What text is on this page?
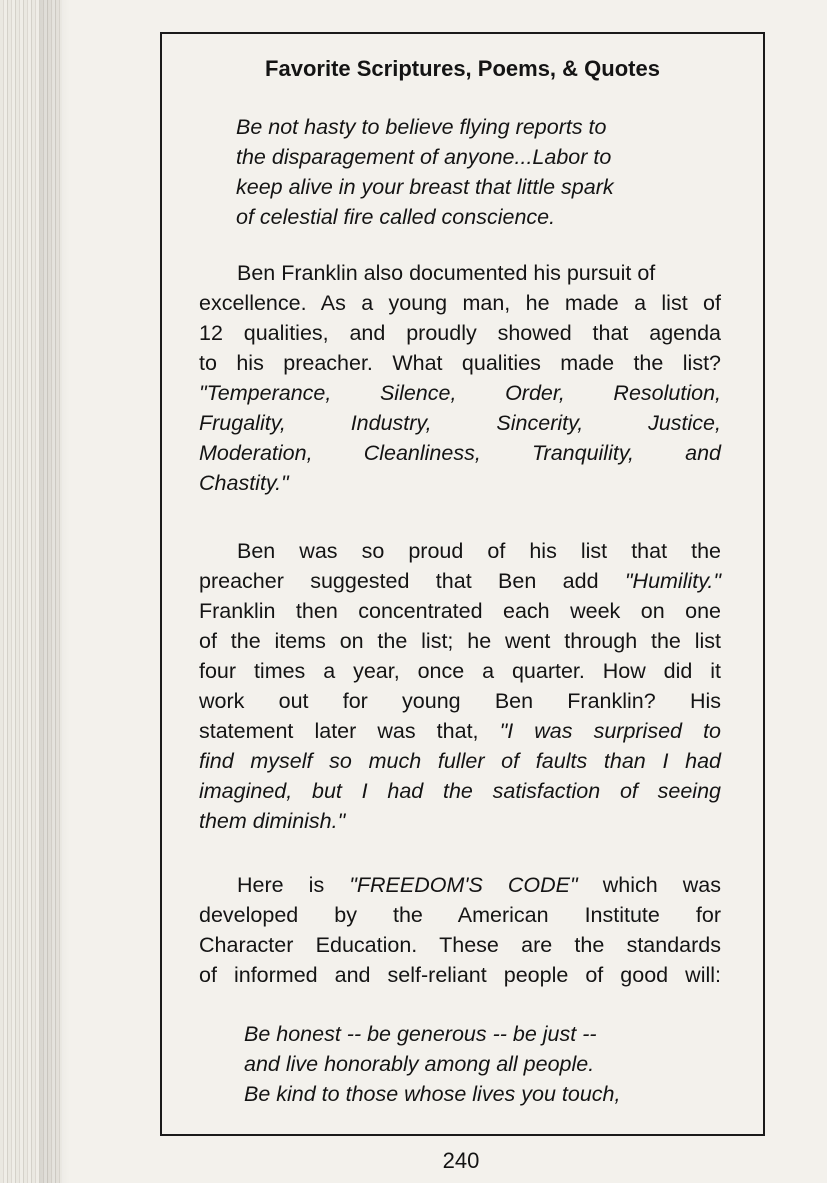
Favorite Scriptures, Poems, & Quotes
Be not hasty to believe flying reports to
the disparagement of anyone...Labor to
keep alive in your breast that little spark
of celestial fire called conscience.
Ben Franklin also documented his pursuit of
excellence. As a young man, he made a list of
12 qualities, and proudly showed that agenda
to his preacher. What qualities made the list?
"Temperance, Silence, Order, Resolution,
Frugality, Industry, Sincerity, Justice,
Moderation, Cleanliness, Tranquility, and
Chastity."
Ben was so proud of his list that the
preacher suggested that Ben add "Humility."
Franklin then concentrated each week on one
of the items on the list; he went through the list
four times a year, once a quarter. How did it
work out for young Ben Franklin? His
statement later was that, "I was surprised to
find myself so much fuller of faults than I had
imagined, but I had the satisfaction of seeing
them diminish."
Here is "FREEDOM'S CODE" which was
developed by the American Institute for
Character Education. These are the standards
of informed and self-reliant people of good will:
Be honest -- be generous -- be just --
and live honorably among all people.
Be kind to those whose lives you touch,

240
